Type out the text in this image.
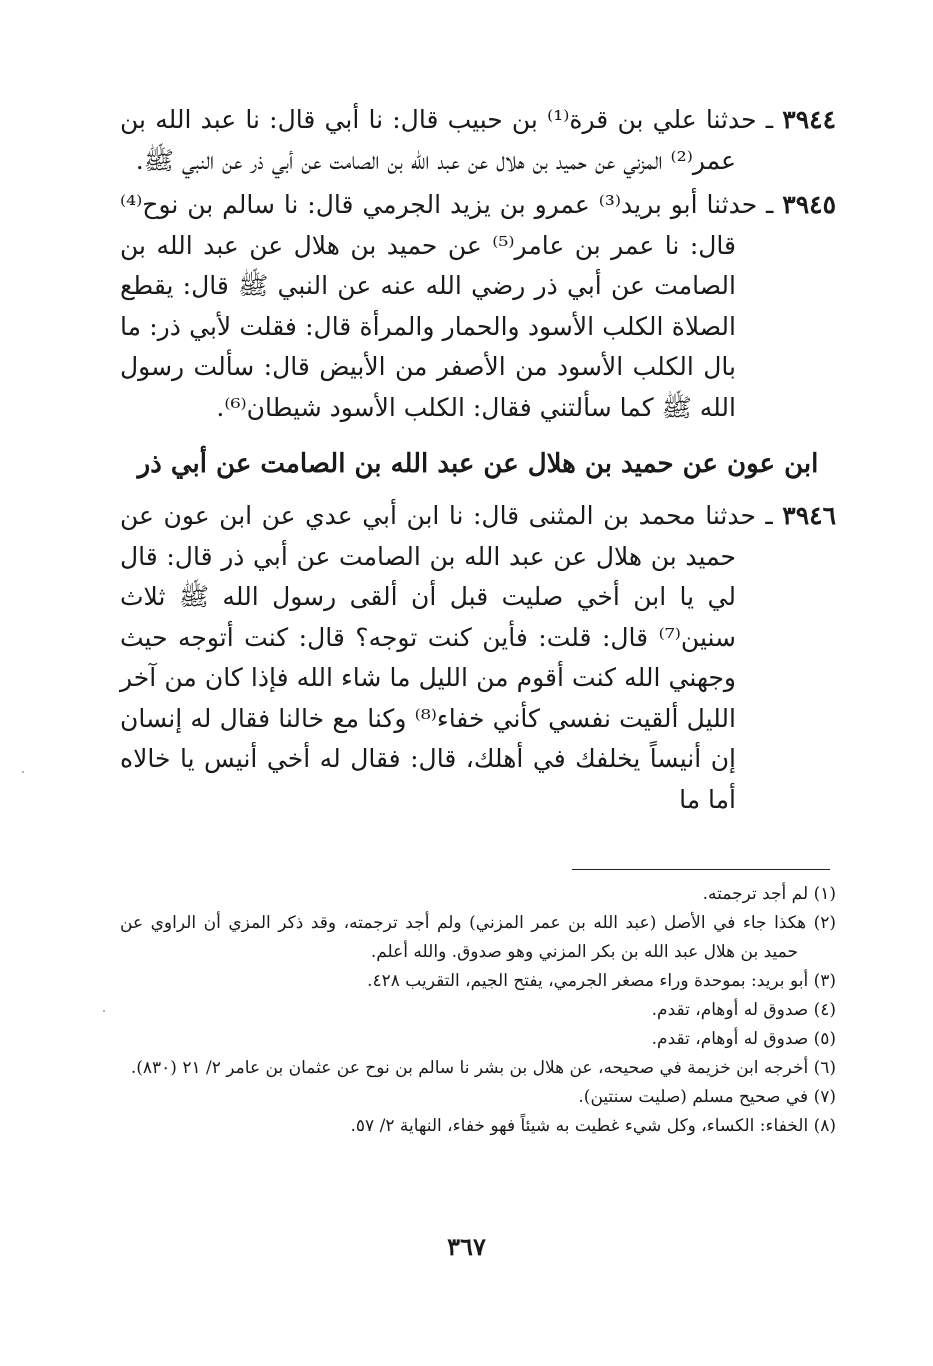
٣٩٤٤ ـ حدثنا علي بن قرة⁽¹⁾ بن حبيب قال: نا أبي قال: نا عبد الله بن عمر⁽²⁾ المزني عن حميد بن هلال عن عبد الله بن الصامت عن أبي ذر عن النبي ﷺ.

٣٩٤٥ ـ حدثنا أبو بريد⁽³⁾ عمرو بن يزيد الجرمي قال: نا سالم بن نوح⁽⁴⁾ قال: نا عمر بن عامر⁽⁵⁾ عن حميد بن هلال عن عبد الله بن الصامت عن أبي ذر رضي الله عنه عن النبي ﷺ قال: يقطع الصلاة الكلب الأسود والحمار والمرأة قال: فقلت لأبي ذر: ما بال الكلب الأسود من الأصفر من الأبيض قال: سألت رسول الله ﷺ كما سألتني فقال: الكلب الأسود شيطان⁽⁶⁾.

ابن عون عن حميد بن هلال عن عبد الله بن الصامت عن أبي ذر

٣٩٤٦ ـ حدثنا محمد بن المثنى قال: نا ابن أبي عدي عن ابن عون عن حميد بن هلال عن عبد الله بن الصامت عن أبي ذر قال: قال لي يا ابن أخي صليت قبل أن ألقى رسول الله ﷺ ثلاث سنين⁽⁷⁾ قال: قلت: فأين كنت توجه؟ قال: كنت أتوجه حيث وجهني الله كنت أقوم من الليل ما شاء الله فإذا كان من آخر الليل ألقيت نفسي كأني خفاء⁽⁸⁾ وكنا مع خالنا فقال له إنسان إن أنيساً يخلفك في أهلك، قال: فقال له أخي أنيس يا خالاه أما ما

(١) لم أجد ترجمته.

(٢) هكذا جاء في الأصل (عبد الله بن عمر المزني) ولم أجد ترجمته، وقد ذكر المزي أن الراوي عن حميد بن هلال عبد الله بن بكر المزني وهو صدوق. والله أعلم.

(٣) أبو بريد: بموحدة وراء مصغر الجرمي، يفتح الجيم، التقريب ٤٢٨.

(٤) صدوق له أوهام، تقدم.

(٥) صدوق له أوهام، تقدم.

(٦) أخرجه ابن خزيمة في صحيحه، عن هلال بن بشر نا سالم بن نوح عن عثمان بن عامر ٢/ ٢١ (٨٣٠).

(٧) في صحيح مسلم (صليت سنتين).

(٨) الخفاء: الكساء، وكل شيء غطيت به شيئاً فهو خفاء، النهاية ٢/ ٥٧.

٣٦٧
